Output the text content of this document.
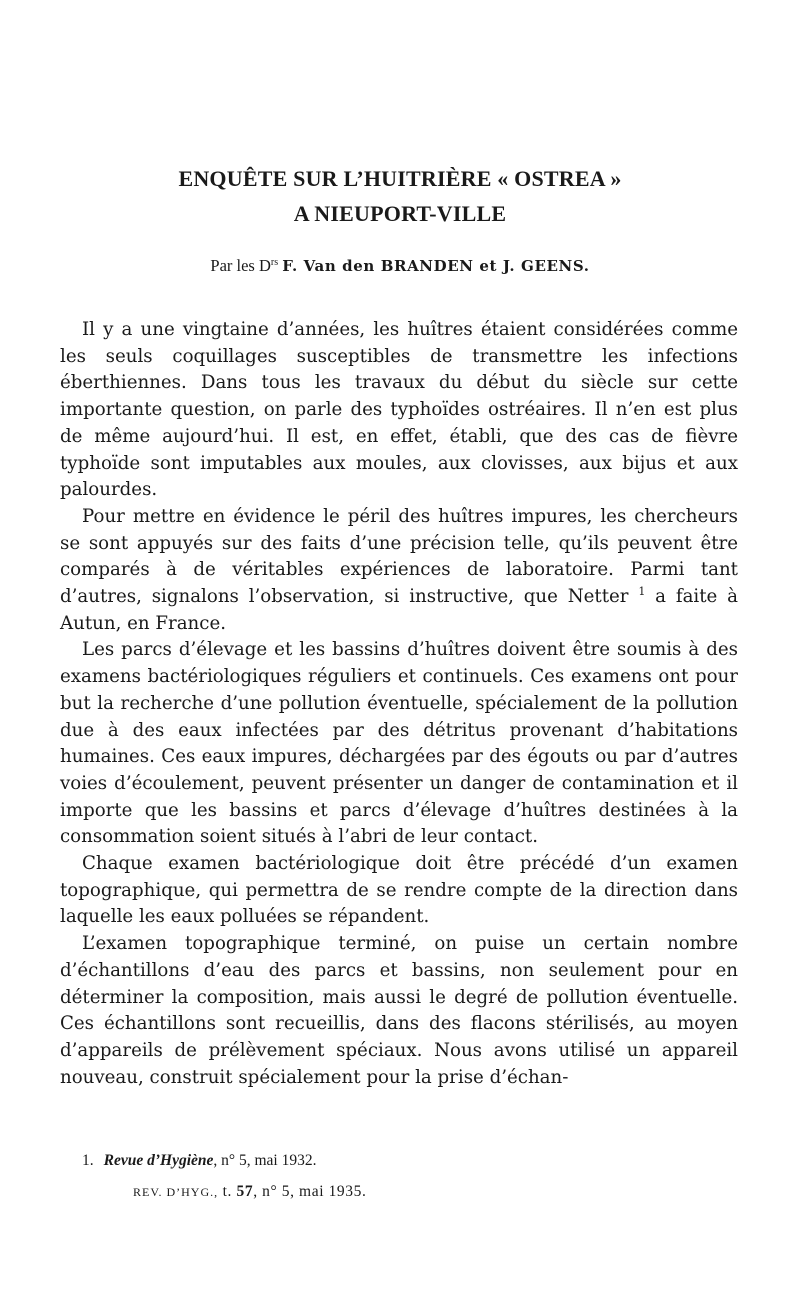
ENQUÊTE SUR L’HUITRIÈRE « OSTREA »
A NIEUPORT-VILLE
Par les $D^{rs}$ F. Van den BRANDEN et J. GEENS.

Il y a une vingtaine d’années, les huîtres étaient considérées comme les seuls coquillages susceptibles de transmettre les infections éberthiennes. Dans tous les travaux du début du siècle sur cette importante question, on parle des typhoïdes ostréaires. Il n’en est plus de même aujourd’hui. Il est, en effet, établi, que des cas de fièvre typhoïde sont imputables aux moules, aux clovisses, aux bijus et aux palourdes.

Pour mettre en évidence le péril des huîtres impures, les chercheurs se sont appuyés sur des faits d’une précision telle, qu’ils peuvent être comparés à de véritables expériences de laboratoire. Parmi tant d’autres, signalons l’observation, si instructive, que Netter $^1$ a faite à Autun, en France.

Les parcs d’élevage et les bassins d’huîtres doivent être soumis à des examens bactériologiques réguliers et continuels. Ces examens ont pour but la recherche d’une pollution éventuelle, spécialement de la pollution due à des eaux infectées par des détritus provenant d’habitations humaines. Ces eaux impures, déchargées par des égouts ou par d’autres voies d’écoulement, peuvent présenter un danger de contamination et il importe que les bassins et parcs d’élevage d’huîtres destinées à la consommation soient situés à l’abri de leur contact.

Chaque examen bactériologique doit être précédé d’un examen topographique, qui permettra de se rendre compte de la direction dans laquelle les eaux polluées se répandent.

L’examen topographique terminé, on puise un certain nombre d’échantillons d’eau des parcs et bassins, non seulement pour en déterminer la composition, mais aussi le degré de pollution éventuelle. Ces échantillons sont recueillis, dans des flacons stérilisés, au moyen d’appareils de prélèvement spéciaux. Nous avons utilisé un appareil nouveau, construit spécialement pour la prise d’échan-

1. Revue d’Hygiène, n° 5, mai 1932.
REV. D’HYG., t. 57, n° 5, mai 1935.
